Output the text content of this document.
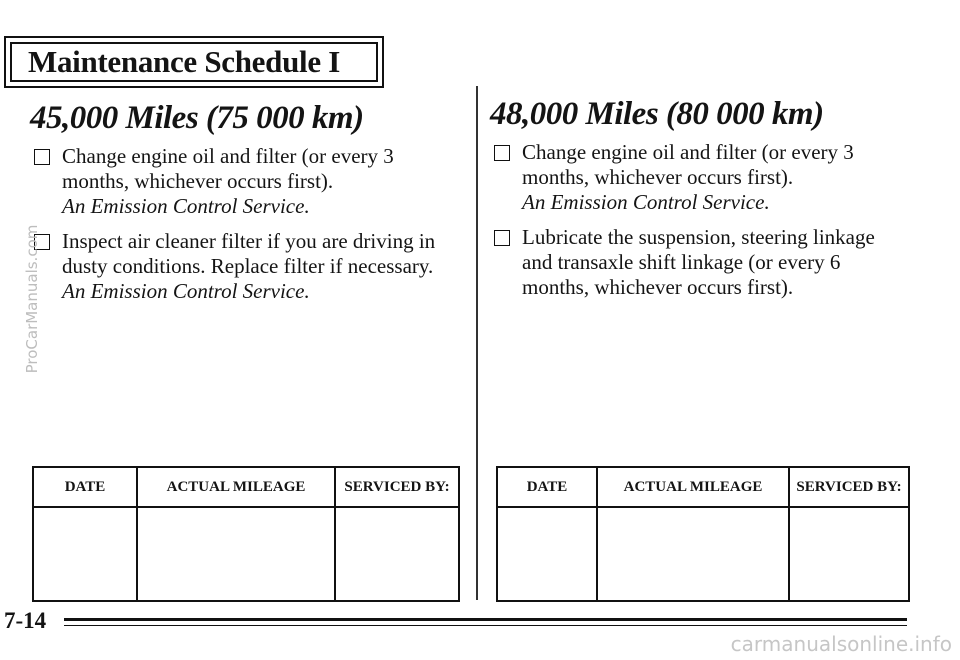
Maintenance Schedule I
45,000 Miles (75 000 km)
Change engine oil and filter (or every 3 months, whichever occurs first).
An Emission Control Service.
Inspect air cleaner filter if you are driving in dusty conditions. Replace filter if necessary. An Emission Control Service.
DATE	ACTUAL MILEAGE	SERVICED BY:

48,000 Miles (80 000 km)
Change engine oil and filter (or every 3 months, whichever occurs first).
An Emission Control Service.
Lubricate the suspension, steering linkage and transaxle shift linkage (or every 6 months, whichever occurs first).
DATE	ACTUAL MILEAGE	SERVICED BY:

7-14
ProCarManuals.com
carmanualsonline.info
